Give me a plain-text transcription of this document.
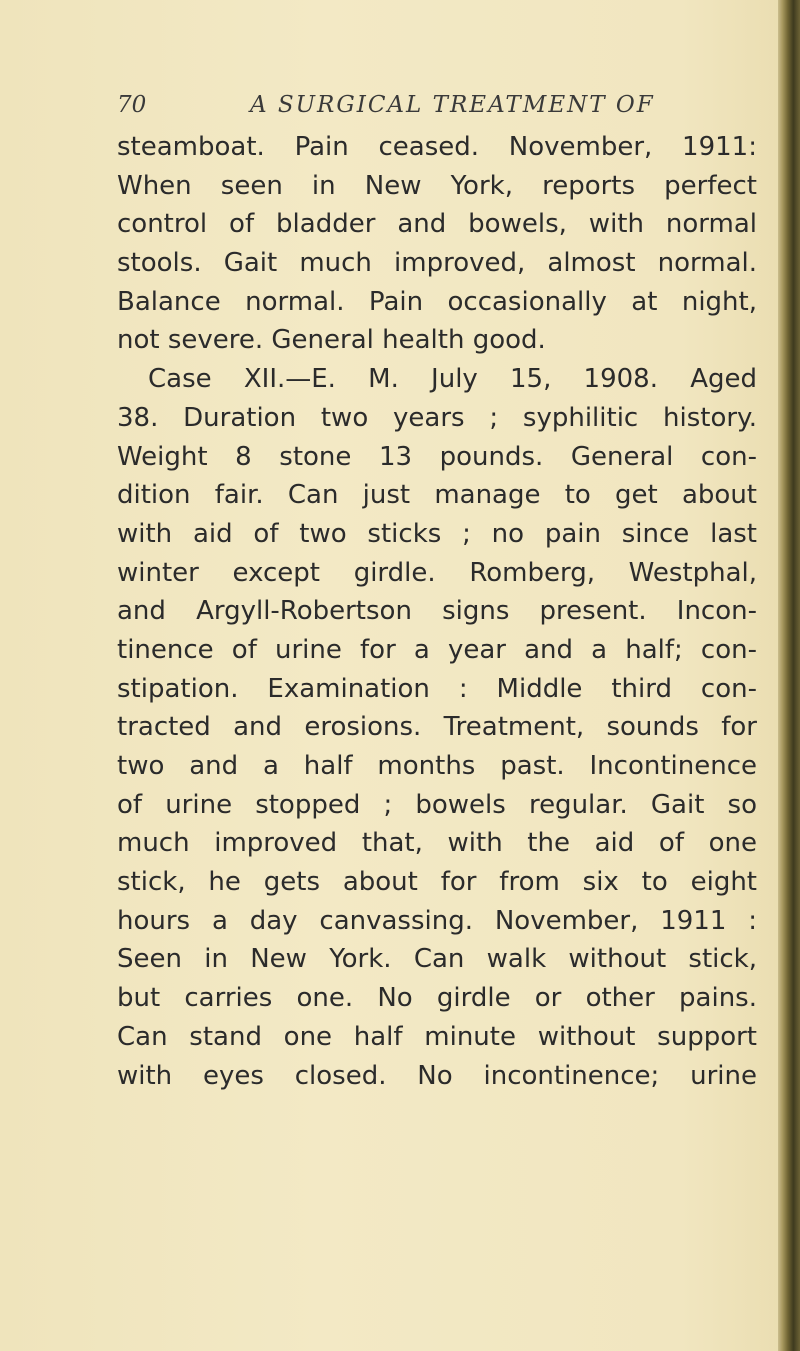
70	A SURGICAL TREATMENT OF
steamboat. Pain ceased. November, 1911:
When seen in New York, reports perfect
control of bladder and bowels, with normal
stools. Gait much improved, almost normal.
Balance normal. Pain occasionally at night,
not severe. General health good.
Case XII.—E. M. July 15, 1908. Aged
38. Duration two years ; syphilitic history.
Weight 8 stone 13 pounds. General con-
dition fair. Can just manage to get about
with aid of two sticks ; no pain since last
winter except girdle. Romberg, Westphal,
and Argyll-Robertson signs present. Incon-
tinence of urine for a year and a half; con-
stipation. Examination : Middle third con-
tracted and erosions. Treatment, sounds for
two and a half months past. Incontinence
of urine stopped ; bowels regular. Gait so
much improved that, with the aid of one
stick, he gets about for from six to eight
hours a day canvassing. November, 1911 :
Seen in New York. Can walk without stick,
but carries one. No girdle or other pains.
Can stand one half minute without support
with eyes closed. No incontinence; urine
